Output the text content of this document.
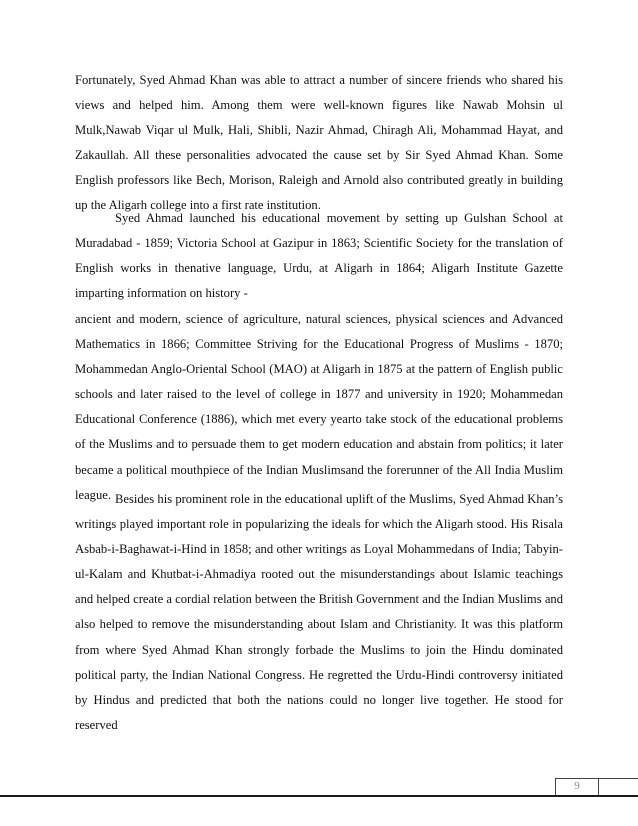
Fortunately, Syed Ahmad Khan was able to attract a number of sincere friends who shared his views and helped him. Among them were well-known figures like Nawab Mohsin ul Mulk,Nawab Viqar ul Mulk, Hali, Shibli, Nazir Ahmad, Chiragh Ali, Mohammad Hayat, and Zakaullah. All these personalities advocated the cause set by Sir Syed Ahmad Khan. Some English professors like Bech, Morison, Raleigh and Arnold also contributed greatly in building up the Aligarh college into a first rate institution.

Syed Ahmad launched his educational movement by setting up Gulshan School at Muradabad - 1859; Victoria School at Gazipur in 1863; Scientific Society for the translation of English works in thenative language, Urdu, at Aligarh in 1864; Aligarh Institute Gazette imparting information on history -

ancient and modern, science of agriculture, natural sciences, physical sciences and Advanced Mathematics in 1866; Committee Striving for the Educational Progress of Muslims - 1870; Mohammedan Anglo-Oriental School (MAO) at Aligarh in 1875 at the pattern of English public schools and later raised to the level of college in 1877 and university in 1920; Mohammedan Educational Conference (1886), which met every yearto take stock of the educational problems of the Muslims and to persuade them to get modern education and abstain from politics; it later became a political mouthpiece of the Indian Muslimsand the forerunner of the All India Muslim league. Besides his prominent role in the educational uplift of the Muslims, Syed Ahmad Khan’s writings played important role in popularizing the ideals for which the Aligarh stood. His Risala Asbab-i-Baghawat-i-Hind in 1858; and other writings as Loyal Mohammedans of India; Tabyin-ul-Kalam and Khutbat-i-Ahmadiya rooted out the misunderstandings about Islamic teachings and helped create a cordial relation between the British Government and the Indian Muslims and also helped to remove the misunderstanding about Islam and Christianity. It was this platform from where Syed Ahmad Khan strongly forbade the Muslims to join the Hindu dominated political party, the Indian National Congress. He regretted the Urdu-Hindi controversy initiated by Hindus and predicted that both the nations could no longer live together. He stood for reserved

9
